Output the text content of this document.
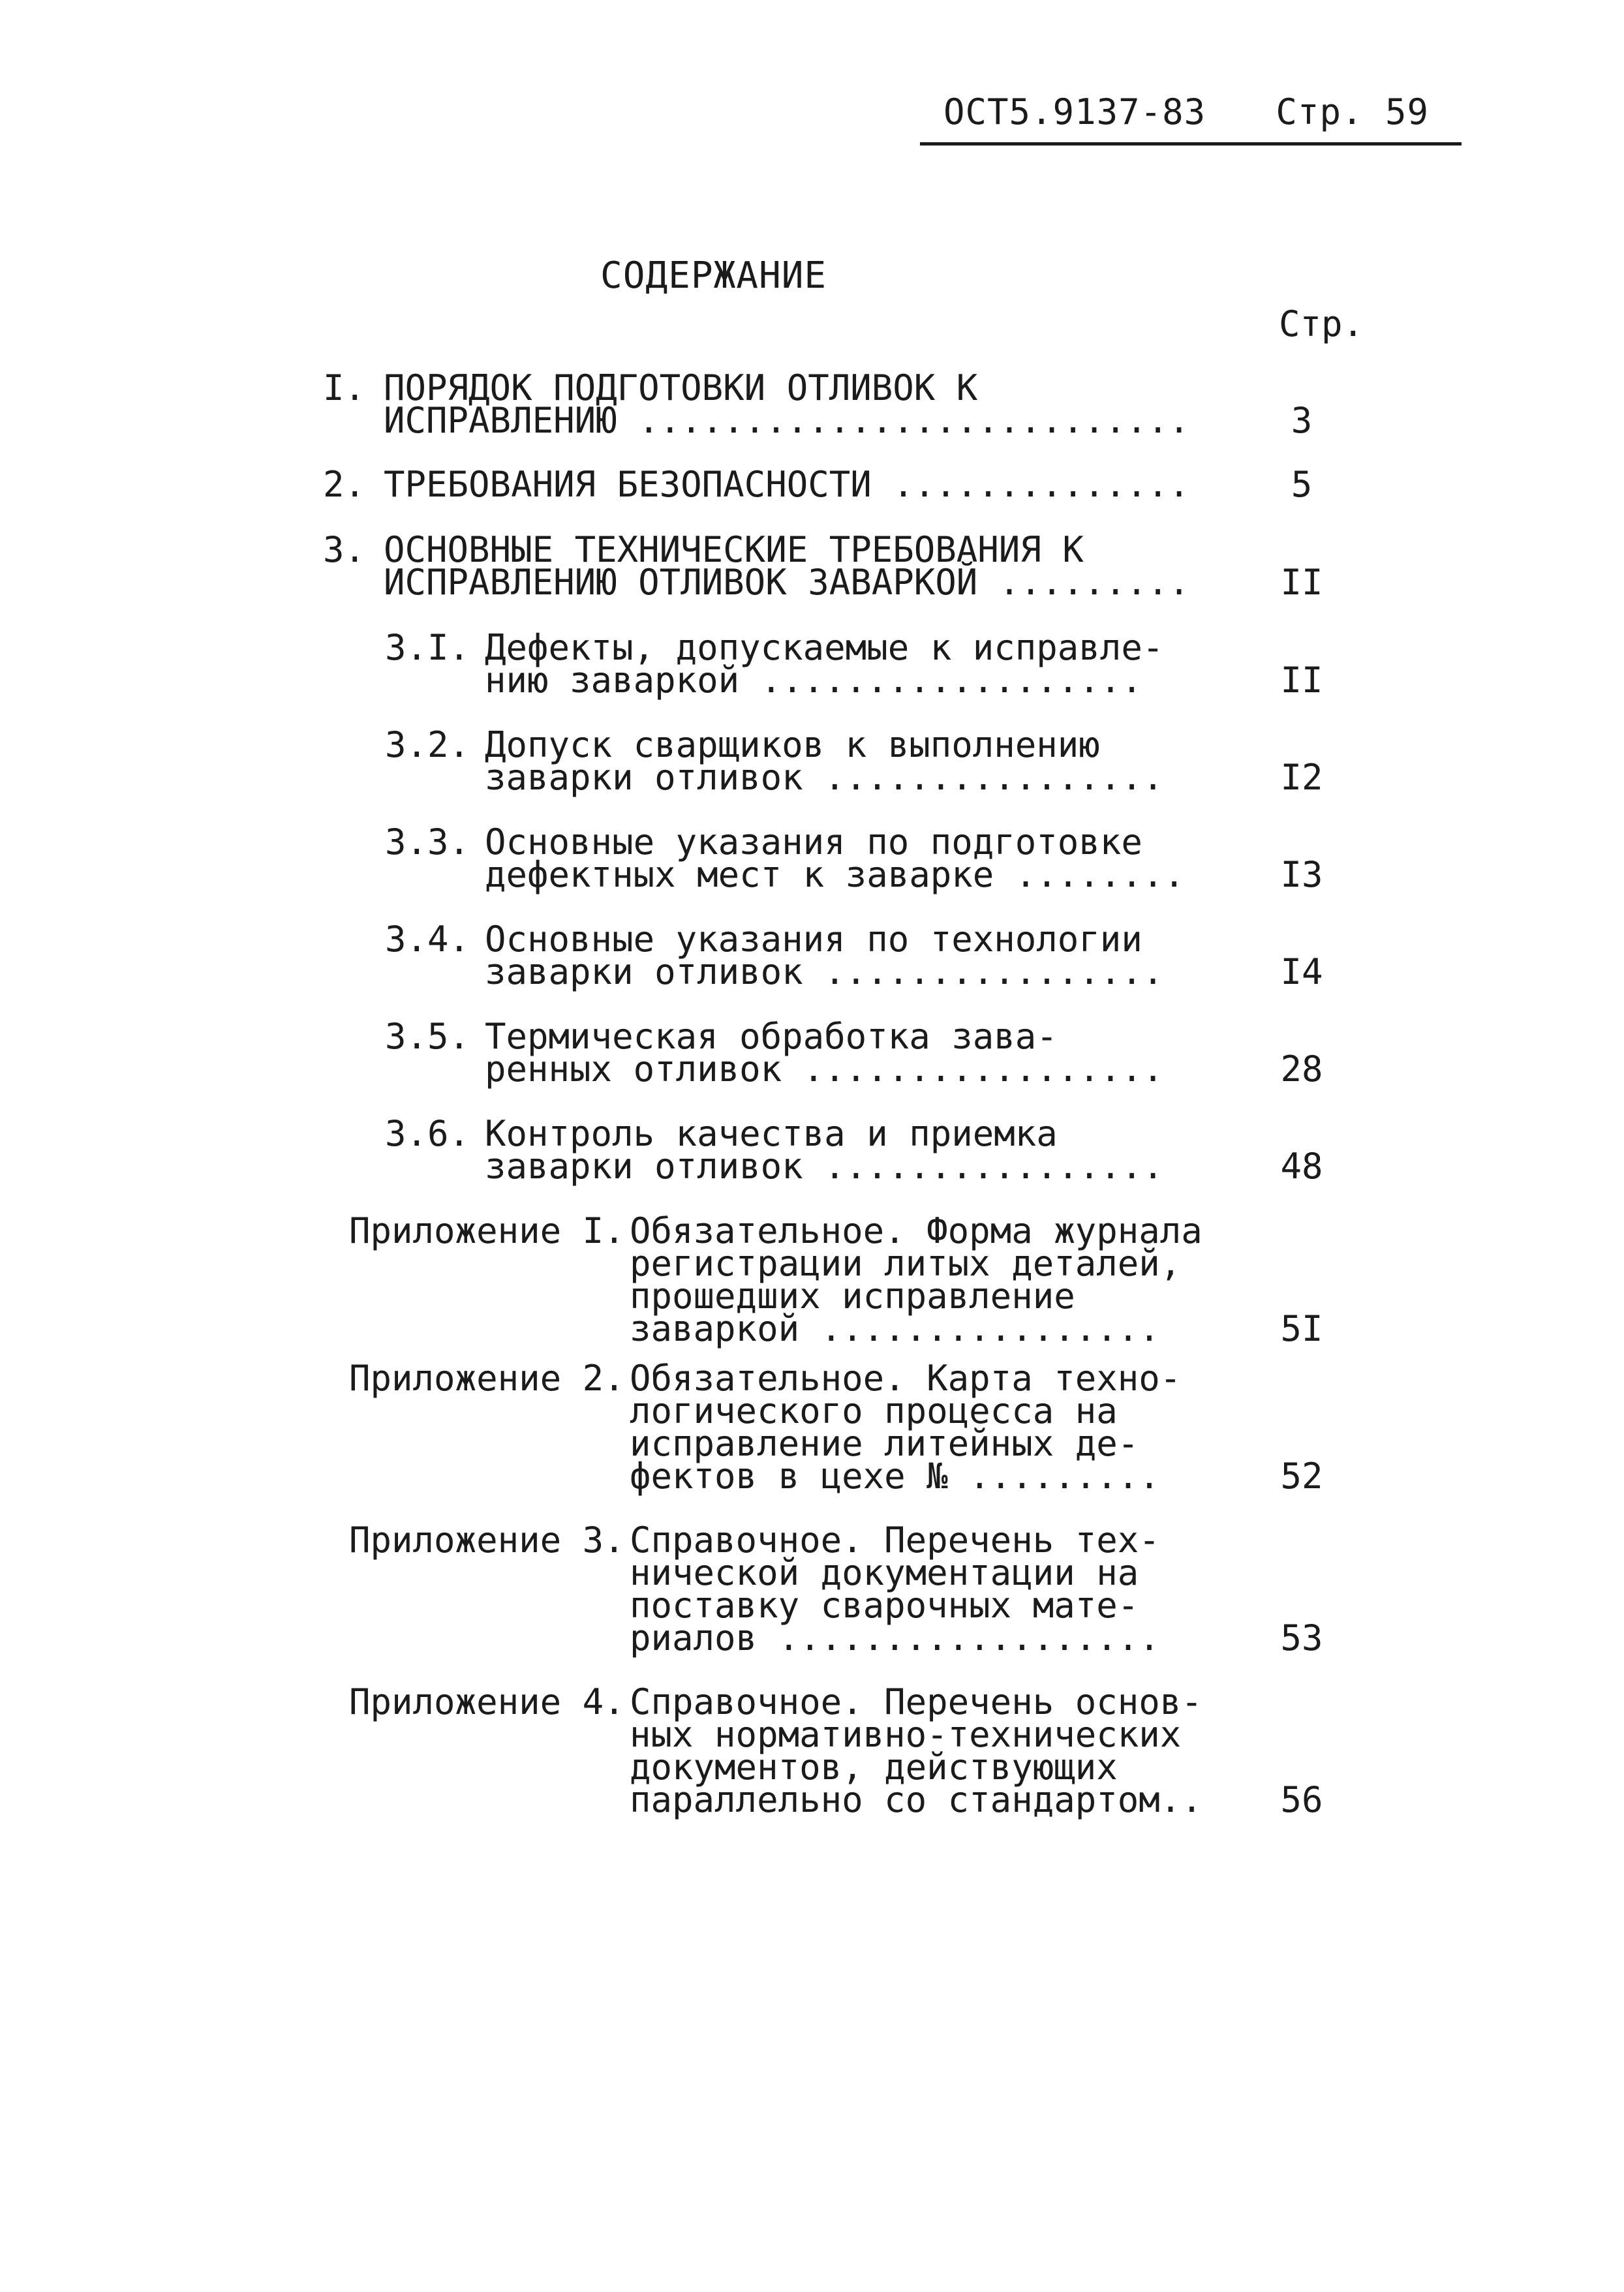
ОСТ5.9137-83 Стр. 59
СОДЕРЖАНИЕ
Стр.
I. ПОРЯДОК ПОДГОТОВКИ ОТЛИВОК К
ИСПРАВЛЕНИЮ ..........................	3
2. ТРЕБОВАНИЯ БЕЗОПАСНОСТИ ..............	5
3. ОСНОВНЫЕ ТЕХНИЧЕСКИЕ ТРЕБОВАНИЯ К
ИСПРАВЛЕНИЮ ОТЛИВОК ЗАВАРКОЙ .........	II
3.I. Дефекты, допускаемые к исправле-
нию заваркой ..................	II
3.2. Допуск сварщиков к выполнению
заварки отливок ................	I2
3.3. Основные указания по подготовке
дефектных мест к заварке ........	I3
3.4. Основные указания по технологии
заварки отливок ................	I4
3.5. Термическая обработка зава-
ренных отливок .................	28
3.6. Контроль качества и приемка
заварки отливок ................	48
Приложение I. Обязательное. Форма журнала
регистрации литых деталей,
прошедших исправление
заваркой ................	5I
Приложение 2. Обязательное. Карта техно-
логического процесса на
исправление литейных де-
фектов в цехе № .........	52
Приложение 3. Справочное. Перечень тех-
нической документации на
поставку сварочных мате-
риалов ..................	53
Приложение 4. Справочное. Перечень основ-
ных нормативно-технических
документов, действующих
параллельно со стандартом..	56
